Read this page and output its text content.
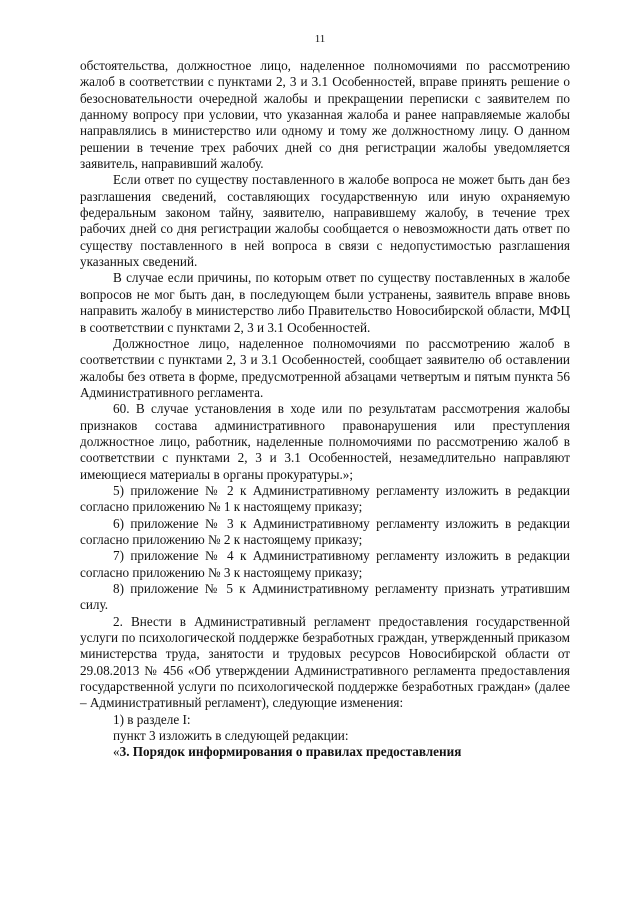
11

обстоятельства, должностное лицо, наделенное полномочиями по рассмотрению жалоб в соответствии с пунктами 2, 3 и 3.1 Особенностей, вправе принять решение о безосновательности очередной жалобы и прекращении переписки с заявителем по данному вопросу при условии, что указанная жалоба и ранее направляемые жалобы направлялись в министерство или одному и тому же должностному лицу. О данном решении в течение трех рабочих дней со дня регистрации жалобы уведомляется заявитель, направивший жалобу.

Если ответ по существу поставленного в жалобе вопроса не может быть дан без разглашения сведений, составляющих государственную или иную охраняемую федеральным законом тайну, заявителю, направившему жалобу, в течение трех рабочих дней со дня регистрации жалобы сообщается о невозможности дать ответ по существу поставленного в ней вопроса в связи с недопустимостью разглашения указанных сведений.

В случае если причины, по которым ответ по существу поставленных в жалобе вопросов не мог быть дан, в последующем были устранены, заявитель вправе вновь направить жалобу в министерство либо Правительство Новосибирской области, МФЦ в соответствии с пунктами 2, 3 и 3.1 Особенностей.

Должностное лицо, наделенное полномочиями по рассмотрению жалоб в соответствии с пунктами 2, 3 и 3.1 Особенностей, сообщает заявителю об оставлении жалобы без ответа в форме, предусмотренной абзацами четвертым и пятым пункта 56 Административного регламента.

60. В случае установления в ходе или по результатам рассмотрения жалобы признаков состава административного правонарушения или преступления должностное лицо, работник, наделенные полномочиями по рассмотрению жалоб в соответствии с пунктами 2, 3 и 3.1 Особенностей, незамедлительно направляют имеющиеся материалы в органы прокуратуры.»;

5) приложение № 2 к Административному регламенту изложить в редакции согласно приложению № 1 к настоящему приказу;

6) приложение № 3 к Административному регламенту изложить в редакции согласно приложению № 2 к настоящему приказу;

7) приложение № 4 к Административному регламенту изложить в редакции согласно приложению № 3 к настоящему приказу;

8) приложение № 5 к Административному регламенту признать утратившим силу.

2. Внести в Административный регламент предоставления государственной услуги по психологической поддержке безработных граждан, утвержденный приказом министерства труда, занятости и трудовых ресурсов Новосибирской области от 29.08.2013 № 456 «Об утверждении Административного регламента предоставления государственной услуги по психологической поддержке безработных граждан» (далее – Административный регламент), следующие изменения:

1) в разделе I:

пункт 3 изложить в следующей редакции:

«3. Порядок информирования о правилах предоставления
